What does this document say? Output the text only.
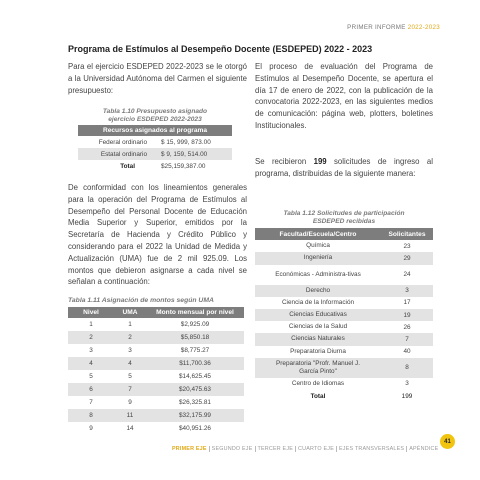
PRIMER INFORME 2022-2023
Programa de Estímulos al Desempeño Docente (ESDEPED) 2022 - 2023
Para el ejercicio ESDEPED 2022-2023 se le otorgó a la Universidad Autónoma del Carmen el siguiente presupuesto:
Tabla 1.10 Presupuesto asignado ejercicio ESDEPED 2022-2023
Recursos asignados al programa
Federal ordinario	$ 15, 999, 873.00
Estatal ordinario	$ 9, 159, 514.00
Total	$25,159,387.00
De conformidad con los lineamientos generales para la operación del Programa de Estímulos al Desempeño del Personal Docente de Educación Media Superior y Superior, emitidos por la Secretaría de Hacienda y Crédito Público y considerando para el 2022 la Unidad de Medida y Actualización (UMA) fue de 2 mil 925.09. Los montos que debieron asignarse a cada nivel se señalan a continuación:
Tabla 1.11 Asignación de montos según UMA
Nivel	UMA	Monto mensual por nivel
1	1	$2,925.09
2	2	$5,850.18
3	3	$8,775.27
4	4	$11,700.36
5	5	$14,625.45
6	7	$20,475.63
7	9	$26,325.81
8	11	$32,175.99
9	14	$40,951.26
El proceso de evaluación del Programa de Estímulos al Desempeño Docente, se apertura el día 17 de enero de 2022, con la publicación de la convocatoria 2022-2023, en las siguientes medios de comunicación: página web, plotters, boletines Institucionales.
Se recibieron 199 solicitudes de ingreso al programa, distribuidas de la siguiente manera:
Tabla 1.12 Solicitudes de participación ESDEPED recibidas
Facultad/Escuela/Centro	Solicitantes
Química	23
Ingeniería	29
Económicas - Administra-tivas	24
Derecho	3
Ciencia de la Información	17
Ciencias Educativas	19
Ciencias de la Salud	26
Ciencias Naturales	7
Preparatoria Diurna	40
Preparatoria "Profr. Manuel J. García Pinto"	8
Centro de Idiomas	3
Total	199
PRIMER EJE SEGUNDO EJE TERCER EJE CUARTO EJE EJES TRANSVERSALES APÉNDICE
41
